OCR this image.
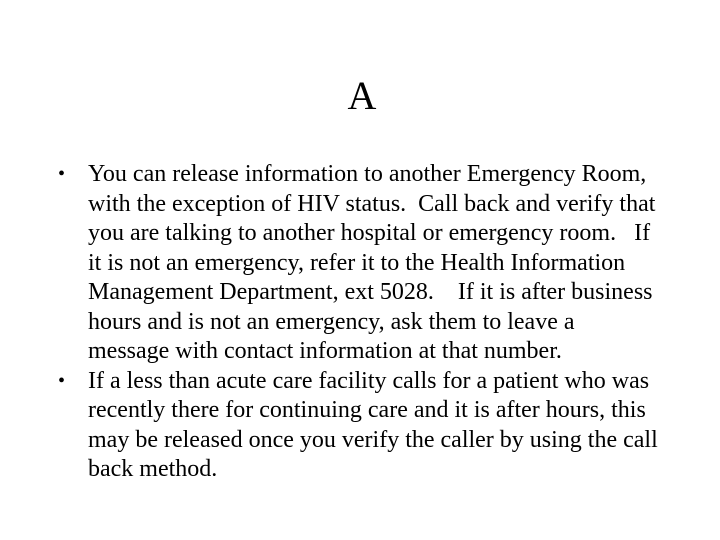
A
• You can release information to another Emergency Room,
with the exception of HIV status.  Call back and verify that
you are talking to another hospital or emergency room.   If
it is not an emergency, refer it to the Health Information
Management Department, ext 5028.    If it is after business
hours and is not an emergency, ask them to leave a
message with contact information at that number.
• If a less than acute care facility calls for a patient who was
recently there for continuing care and it is after hours, this
may be released once you verify the caller by using the call
back method.
